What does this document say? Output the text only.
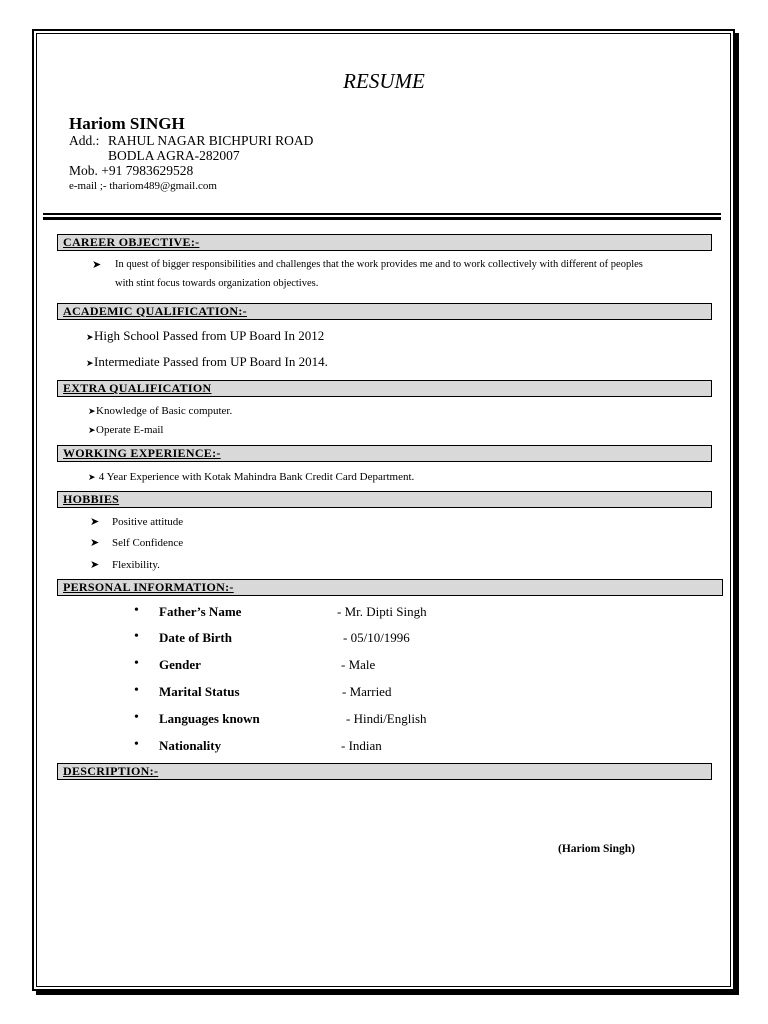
RESUME
Hariom SINGH
Add.: RAHUL NAGAR BICHPURI ROAD
BODLA AGRA-282007
Mob. +91 7983629528
e-mail ;- thariom489@gmail.com
CAREER OBJECTIVE:-
➤ In quest of bigger responsibilities and challenges that the work provides me and to work collectively with different of peoples
with stint focus towards organization objectives.
ACADEMIC QUALIFICATION:-
➤High School Passed from UP Board In 2012
➤Intermediate Passed from UP Board In 2014.
EXTRA QUALIFICATION
➤Knowledge of Basic computer.
➤Operate E-mail
WORKING EXPERIENCE:-
➤ 4 Year Experience with Kotak Mahindra Bank Credit Card Department.
HOBBIES
➤ Positive attitude
➤ Self Confidence
➤ Flexibility.
PERSONAL INFORMATION:-
• Father’s Name	- Mr. Dipti Singh
• Date of Birth	- 05/10/1996
• Gender	- Male
• Marital Status	- Married
• Languages known	- Hindi/English
• Nationality	- Indian
DESCRIPTION:-
(Hariom Singh)
